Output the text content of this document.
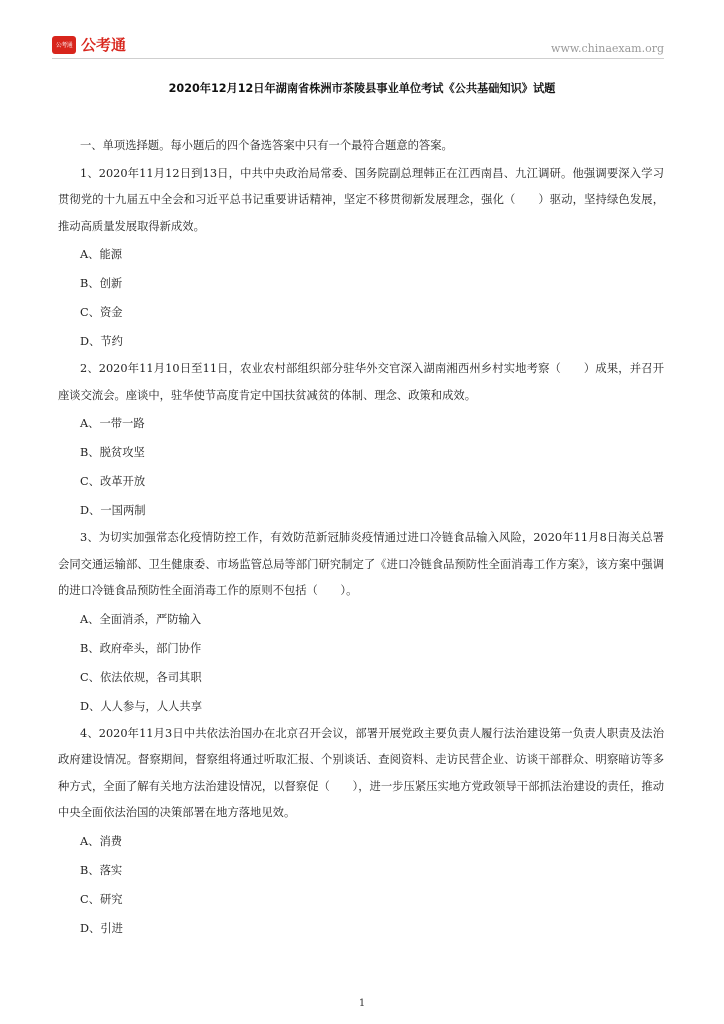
公考通 公考通	www.chinaexam.org
2020年12月12日年湖南省株洲市茶陵县事业单位考试《公共基础知识》试题

一、单项选择题。每小题后的四个备选答案中只有一个最符合题意的答案。

1、2020年11月12日到13日，中共中央政治局常委、国务院副总理韩正在江西南昌、九江调研。他强调要深入学习贯彻党的十九届五中全会和习近平总书记重要讲话精神，坚定不移贯彻新发展理念，强化（　　）驱动，坚持绿色发展，推动高质量发展取得新成效。

A、能源

B、创新

C、资金

D、节约

2、2020年11月10日至11日，农业农村部组织部分驻华外交官深入湖南湘西州乡村实地考察（　　）成果，并召开座谈交流会。座谈中，驻华使节高度肯定中国扶贫减贫的体制、理念、政策和成效。

A、一带一路

B、脱贫攻坚

C、改革开放

D、一国两制

3、为切实加强常态化疫情防控工作，有效防范新冠肺炎疫情通过进口冷链食品输入风险，2020年11月8日海关总署会同交通运输部、卫生健康委、市场监管总局等部门研究制定了《进口冷链食品预防性全面消毒工作方案》，该方案中强调的进口冷链食品预防性全面消毒工作的原则不包括（　　）。

A、全面消杀，严防输入

B、政府牵头，部门协作

C、依法依规，各司其职

D、人人参与，人人共享

4、2020年11月3日中共依法治国办在北京召开会议，部署开展党政主要负责人履行法治建设第一负责人职责及法治政府建设情况。督察期间，督察组将通过听取汇报、个别谈话、查阅资料、走访民营企业、访谈干部群众、明察暗访等多种方式，全面了解有关地方法治建设情况，以督察促（　　），进一步压紧压实地方党政领导干部抓法治建设的责任，推动中央全面依法治国的决策部署在地方落地见效。

A、消费

B、落实

C、研究

D、引进

1
